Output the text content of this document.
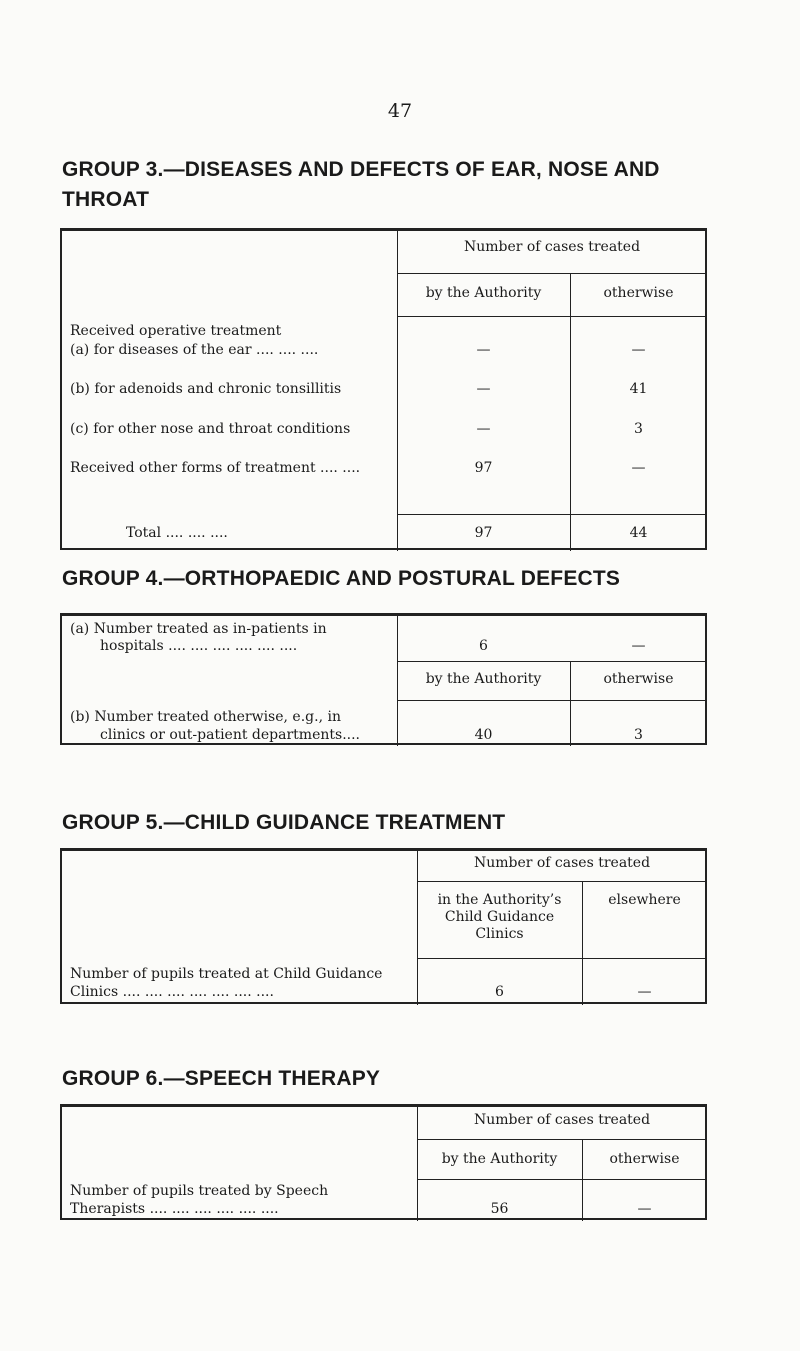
47
GROUP 3.—DISEASES AND DEFECTS OF EAR, NOSE AND
THROAT
Number of cases treated
by the Authority	otherwise
Received operative treatment
(a) for diseases of the ear .... .... ....	—	—
(b) for adenoids and chronic tonsillitis	—	41
(c) for other nose and throat conditions	—	3
Received other forms of treatment .... ....	97	—
Total .... .... ....	97	44
GROUP 4.—ORTHOPAEDIC AND POSTURAL DEFECTS
(a) Number treated as in-patients in
hospitals .... .... .... .... .... ....	6	—
by the Authority	otherwise
(b) Number treated otherwise, e.g., in
clinics or out-patient departments....	40	3
GROUP 5.—CHILD GUIDANCE TREATMENT
Number of cases treated
in the Authority’s
Child Guidance
Clinics
elsewhere
Number of pupils treated at Child Guidance
Clinics .... .... .... .... .... .... ....	6	—
GROUP 6.—SPEECH THERAPY
Number of cases treated
by the Authority	otherwise
Number of pupils treated by Speech
Therapists .... .... .... .... .... ....	56	—
